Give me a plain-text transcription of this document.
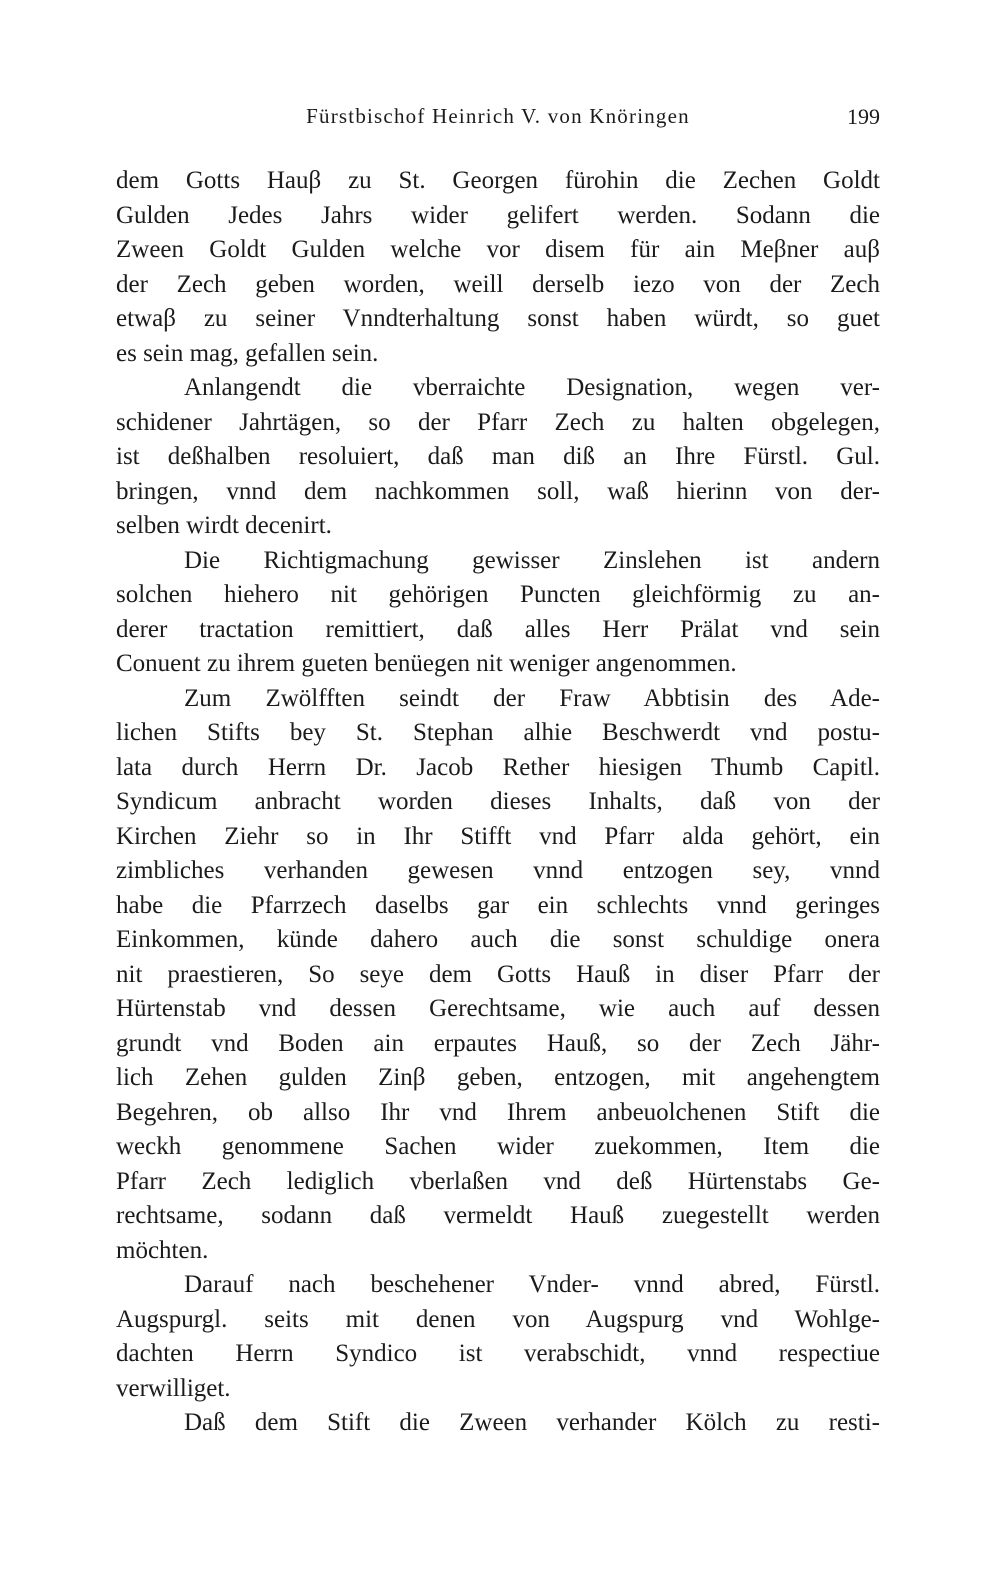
Fürstbischof Heinrich V. von Knöringen	199
dem Gotts Hauβ zu St. Georgen fürohin die Zechen Goldt
Gulden Jedes Jahrs wider gelifert werden. Sodann die
Zween Goldt Gulden welche vor disem für ain Meβner auβ
der Zech geben worden, weill derselb iezo von der Zech
etwaβ zu seiner Vnndterhaltung sonst haben würdt, so guet
es sein mag, gefallen sein.
Anlangendt die vberraichte Designation, wegen ver-
schidener Jahrtägen, so der Pfarr Zech zu halten obgelegen,
ist deßhalben resoluiert, daß man diß an Ihre Fürstl. Gul.
bringen, vnnd dem nachkommen soll, waß hierinn von der-
selben wirdt decenirt.
Die Richtigmachung gewisser Zinslehen ist andern
solchen hiehero nit gehörigen Puncten gleichförmig zu an-
derer tractation remittiert, daß alles Herr Prälat vnd sein
Conuent zu ihrem gueten benüegen nit weniger angenommen.
Zum Zwölfften seindt der Fraw Abbtisin des Ade-
lichen Stifts bey St. Stephan alhie Beschwerdt vnd postu-
lata durch Herrn Dr. Jacob Rether hiesigen Thumb Capitl.
Syndicum anbracht worden dieses Inhalts, daß von der
Kirchen Ziehr so in Ihr Stifft vnd Pfarr alda gehört, ein
zimbliches verhanden gewesen vnnd entzogen sey, vnnd
habe die Pfarrzech daselbs gar ein schlechts vnnd geringes
Einkommen, künde dahero auch die sonst schuldige onera
nit praestieren, So seye dem Gotts Hauß in diser Pfarr der
Hürtenstab vnd dessen Gerechtsame, wie auch auf dessen
grundt vnd Boden ain erpautes Hauß, so der Zech Jähr-
lich Zehen gulden Zinβ geben, entzogen, mit angehengtem
Begehren, ob allso Ihr vnd Ihrem anbeuolchenen Stift die
weckh genommene Sachen wider zuekommen, Item die
Pfarr Zech lediglich vberlaßen vnd deß Hürtenstabs Ge-
rechtsame, sodann daß vermeldt Hauß zuegestellt werden
möchten.
Darauf nach beschehener Vnder- vnnd abred, Fürstl.
Augspurgl. seits mit denen von Augspurg vnd Wohlge-
dachten Herrn Syndico ist verabschidt, vnnd respectiue
verwilliget.
Daß dem Stift die Zween verhander Kölch zu resti-
